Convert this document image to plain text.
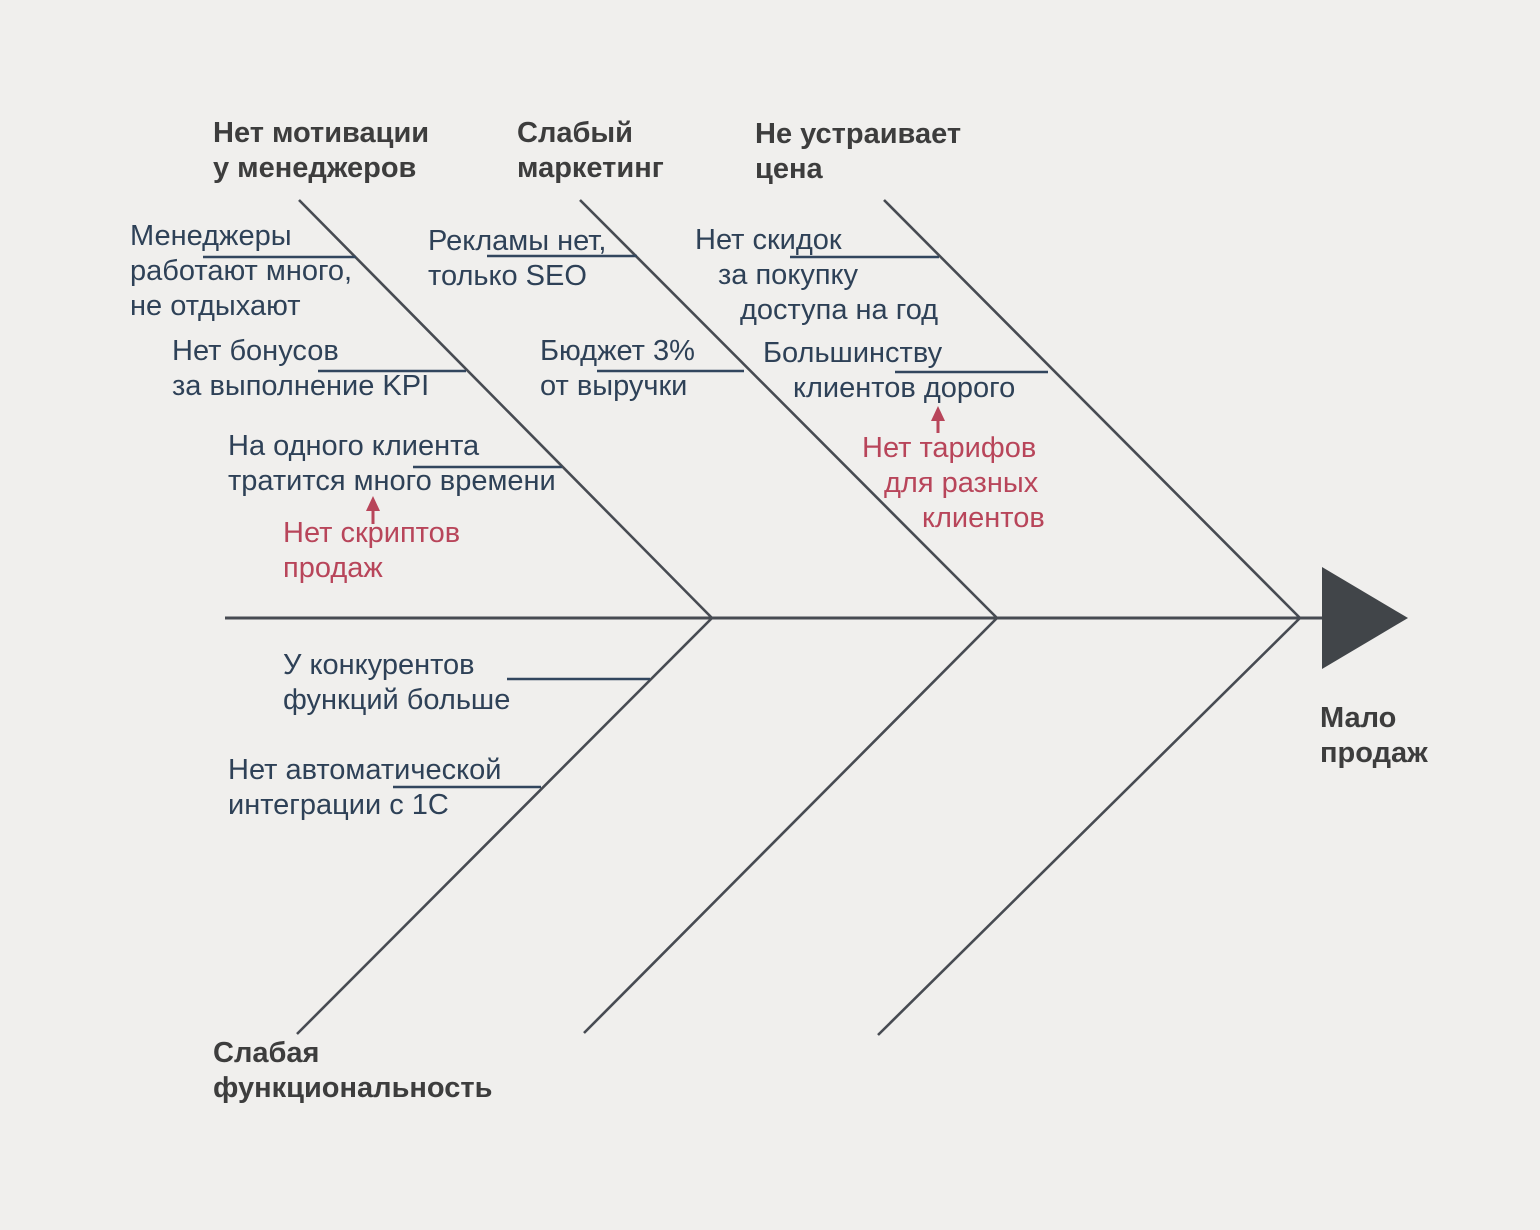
Нет мотивации
у менеджеров
Слабый
маркетинг
Не устраивает
цена
Слабая
функциональность
Мало
продаж
Менеджеры
работают много,
не отдыхают
Нет бонусов
за выполнение KPI
На одного клиента
тратится много времени
Нет скриптов
продаж
Рекламы нет,
только SEO
Бюджет 3%
от выручки
Нет скидок
за покупку
доступа на год
Большинству
клиентов дорого
Нет тарифов
для разных
клиентов
У конкурентов
функций больше
Нет автоматической
интеграции с 1С
